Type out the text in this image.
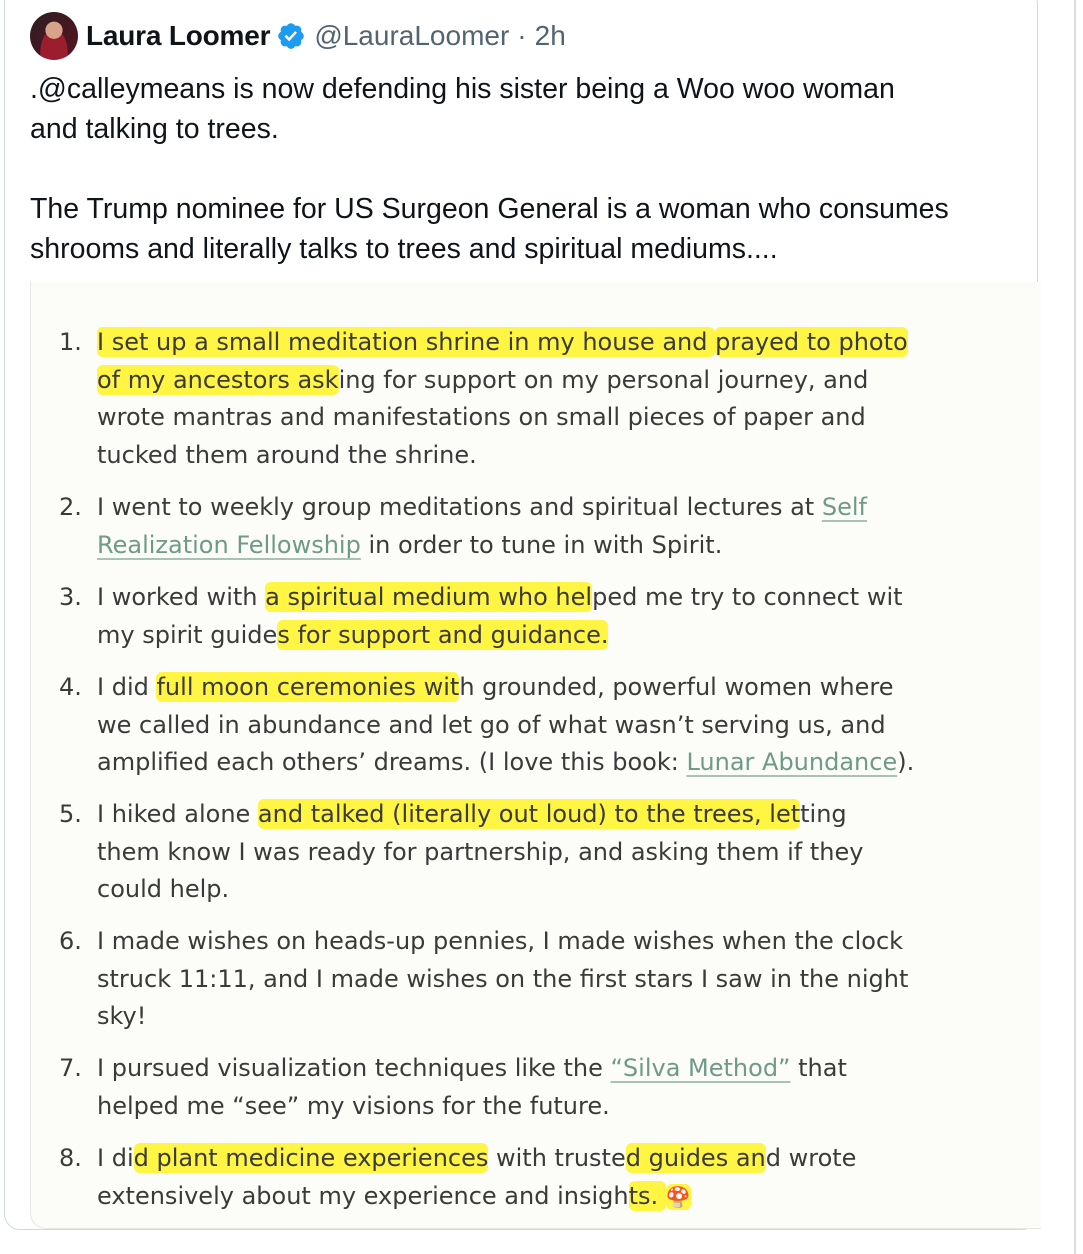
Laura Loomer @LauraLoomer · 2h

.@calleymeans is now defending his sister being a Woo woo woman
and talking to trees.

The Trump nominee for US Surgeon General is a woman who consumes
shrooms and literally talks to trees and spiritual mediums....

1. I set up a small meditation shrine in my house and prayed to photo
of my ancestors asking for support on my personal journey, and
wrote mantras and manifestations on small pieces of paper and
tucked them around the shrine.
2. I went to weekly group meditations and spiritual lectures at Self
Realization Fellowship in order to tune in with Spirit.
3. I worked with a spiritual medium who helped me try to connect wit
my spirit guides for support and guidance.
4. I did full moon ceremonies with grounded, powerful women where
we called in abundance and let go of what wasn’t serving us, and
amplified each others’ dreams. (I love this book: Lunar Abundance).
5. I hiked alone and talked (literally out loud) to the trees, letting
them know I was ready for partnership, and asking them if they
could help.
6. I made wishes on heads-up pennies, I made wishes when the clock
struck 11:11, and I made wishes on the first stars I saw in the night
sky!
7. I pursued visualization techniques like the “Silva Method” that
helped me “see” my visions for the future.
8. I did plant medicine experiences with trusted guides and wrote
extensively about my experience and insights. 🍄
